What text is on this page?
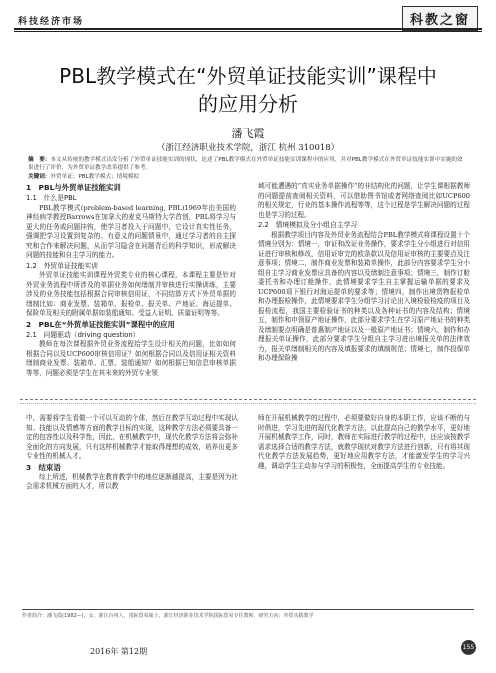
科技经济市场	科教之窗
PBL教学模式在“外贸单证技能实训”课程中的应用分析
潘飞霞
（浙江经济职业技术学院，浙江 杭州 310018）
摘　要：本文从传统的教学模式出发分析了外贸单证技能实训的现状，论述了PBL教学模式在外贸单证技能实训课程中的应用，并对PBL教学模式在外贸单证技能实训中实施的效果进行了评价，为外贸单证教学改革提供了参考。
关键词：外贸单证；PBL教学模式；情境模拟
1　PBL与外贸单证技能实训
1.1　什么是PBL

PBL教学模式(problem-based learning, PBL)1969年由美国的神经病学教授Barrows在加拿大的麦克马斯特大学首创，PBL将学习与更大的任务或问题挂钩，使学习者投入于问题中，它设计真实性任务，强调把学习设置到复杂的、有意义的问题情景中，通过学习者的自主探究和合作来解决问题，从而学习隐含在问题背后的科学知识，形成解决问题的技能和自主学习的能力。

1.2　外贸单证技能实训

外贸单证技能实训课程外贸类专业的核心课程，本课程主要是针对外贸业务流程中所涉及的单据业务如何缮制并审核进行实操训练，主要涉及的业务技能包括根据合同审核信用证，不同结算方式下外贸单据的缮制比如：商业发票、装箱单、报检单、报关单、产地证、海运提单、保险单及相关的附属单据如装船通知、受益人证明、质量证明等等。

2　PBL在“外贸单证技能实训”课程中的应用
2.1　问题驱动（driving question）

教师在每次课程据外贸业务流程给学生设计相关的问题，比如如何根据合同以及UCP600审核信用证？如何根据合同以及信用证相关资料缮制商业发票、装箱单、汇票、装船通知？如何根据已知信息审核单据等等，问题必须是学生在其未来的外贸专业领

域可能遭遇的“真实业务单据操作”的非结构化的问题，让学生课根据教师的问题提前查阅相关资料，可以借助图书馆或者网络查阅比如UCP600的相关规定，行业的基本操作流程等等，这个过程是学生解决问题的过程也是学习的过程。

2.2　情境模拟及分小组自主学习

根据教学项目内容及外贸业务流程结合PBL教学模式将课程设置十个情境分别为：情境一，审证和改证业务操作，要求学生分小组进行对信用证进行审核和修改，信用证审完的欧条款以及信用证审核的主要要点及注意事项；情境二，制作商业发票和装箱单操作，此部分内容要求学生分小组自主学习商业发票应具备的内容以及缮制注意事项；情境三，制作订舱委托书和办理订舱操作，此情境要求学生自主掌握运输单据的要求及UCP600项下银行对海运提单的要求等；情境四，制作出境货物报检单和办理报检操作，此情境要求学生分组学习讨论出入境检验检疫的项目及报检流程，我国主要检验证书的种类以及各种证书的内容及结构；情境五，制作和申领原产地证操作，此部分要求学生在学习原产地证书的种类及缮制要点明确是普惠制产地证以及一般原产地证书；情境六，制作和办理报关单证操作，此部分要求学生分组自主学习进出境报关单的法律效力，报关单缮制相关的内容及填报要求的填制规范；情境七，制作投保单和办理保险操

中，需要将学生看做一个可以互动的个体，然后在教学互动过程中实现认知、技能以及情感等方面的教学目标的实现，这种教学方法必须要具备一定的包容性以及科学性，因此，在机械教学中，现代化教学方法将会弥补全面化的方向发展，只有这样机械教学才能取得理想的成效，培养出更多专业性的机械人才。

3　结束语

综上所述，机械教学在教育教学中的地位逐渐越提高，主要是因为社会需求机械方面的人才，所以教

师在开展机械教学的过程中，必须要做好自身的本职工作，应该不断的与时俱进，学习先进的现代化教学方法，以此提高自己的教学水平，更好地开展机械教学工作，同时，教师在实际进行教学的过程中，还应该按教学需求选择合适的教学方法，就教学现状对教学方法进行创新，只有将其现代化教学方法发展趋势，更好地应用教学方法，才能激发学生的学习兴趣，调动学生主动参与学习的积极性，全面提高学生的专业技能。

作者简介：潘飞霞(1982—)，女，浙江台州人，国际贸易硕士，浙江经济职业技术学院国际贸易专任教师，研究方向：外贸实践教学
2016年 第12期	155
